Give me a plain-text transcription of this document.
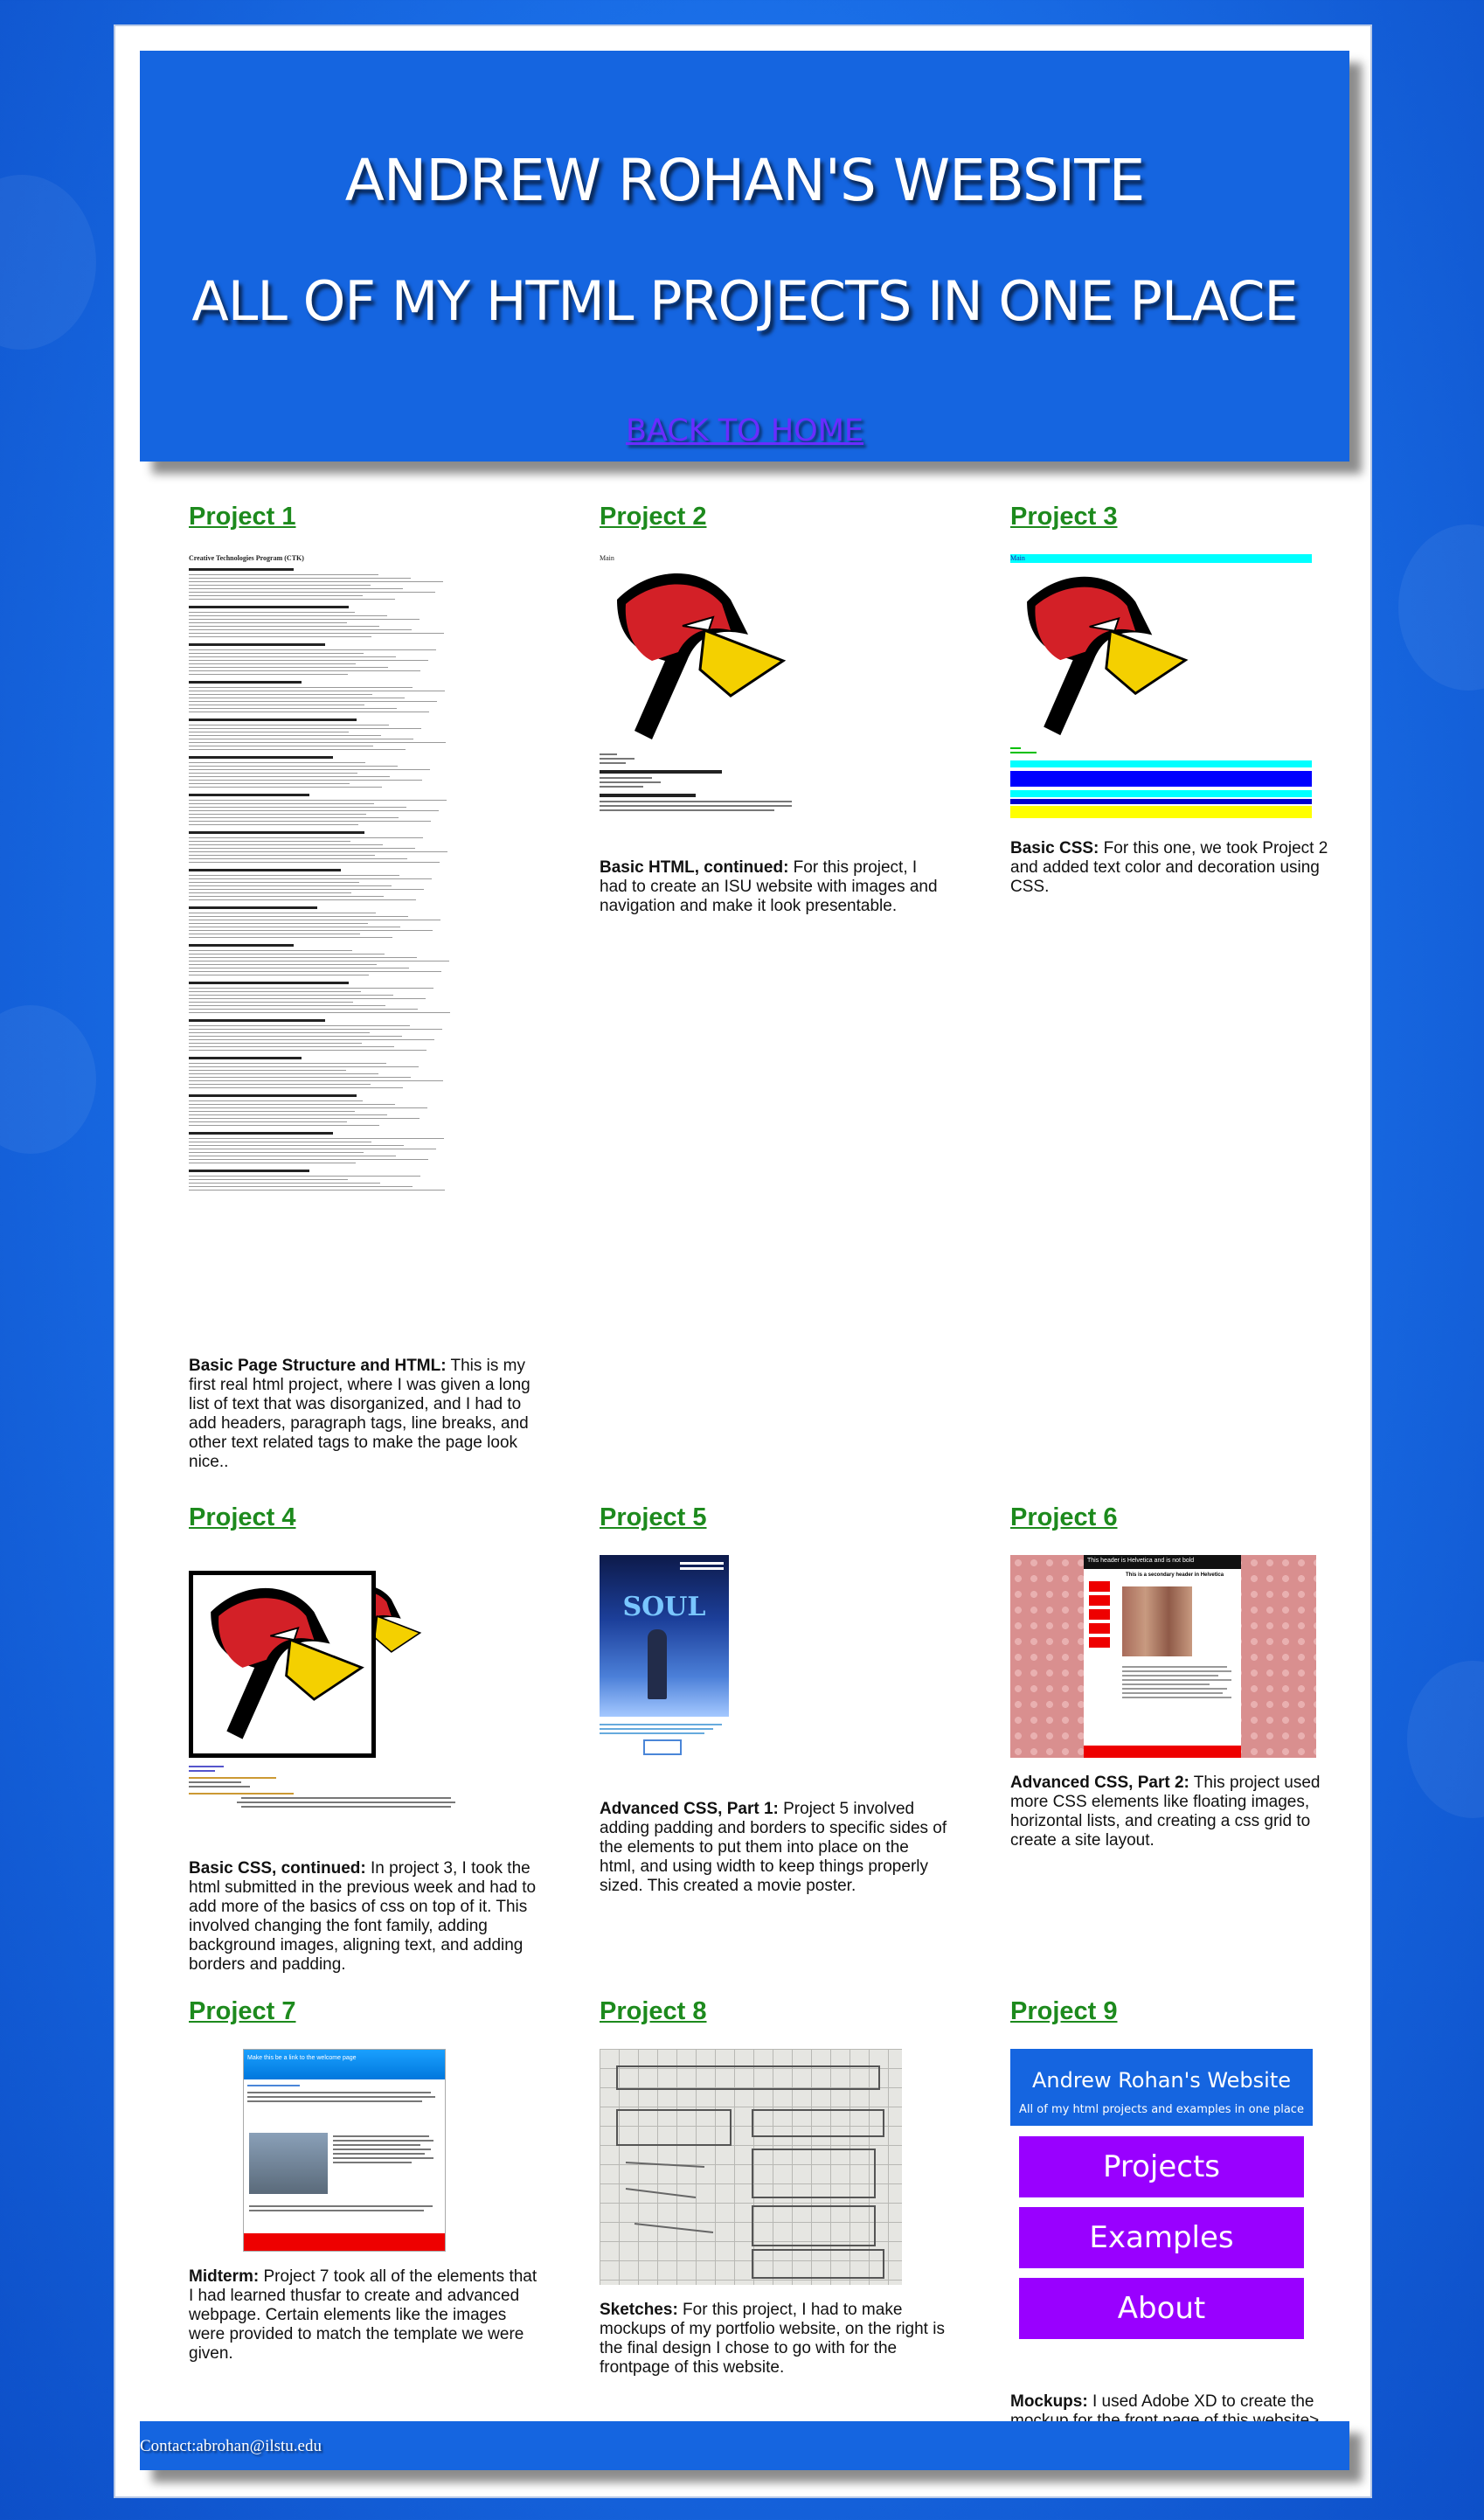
ANDREW ROHAN'S WEBSITE
ALL OF MY HTML PROJECTS IN ONE PLACE
BACK TO HOME
Project 1
Creative Technologies Program (CTK)

Basic Page Structure and HTML: This is my first real html project, where I was given a long list of text that was disorganized, and I had to add headers, paragraph tags, line breaks, and other text related tags to make the page look nice..

Project 2
Main

Basic HTML, continued: For this project, I had to create an ISU website with images and navigation and make it look presentable.

Project 3
Main

Basic CSS: For this one, we took Project 2 and added text color and decoration using CSS.

Project 4

Basic CSS, continued: In project 3, I took the html submitted in the previous week and had to add more of the basics of css on top of it. This involved changing the font family, adding background images, aligning text, and adding borders and padding.

Project 5
SOUL

Advanced CSS, Part 1: Project 5 involved adding padding and borders to specific sides of the elements to put them into place on the html, and using width to keep things properly sized. This created a movie poster.

Project 6
This header is Helvetica and is not bold
This is a secondary header in Helvetica

Advanced CSS, Part 2: This project used more CSS elements like floating images, horizontal lists, and creating a css grid to create a site layout.

Project 7
Make this be a link to the welcome page

Midterm: Project 7 took all of the elements that I had learned thusfar to create and advanced webpage. Certain elements like the images were provided to match the template we were given.

Project 8

Sketches: For this project, I had to make mockups of my portfolio website, on the right is the final design I chose to go with for the frontpage of this website.

Project 9
Andrew Rohan's Website
All of my html projects and examples in one place
Projects
Examples
About

Mockups: I used Adobe XD to create the

Contact:abrohan@ilstu.edu
